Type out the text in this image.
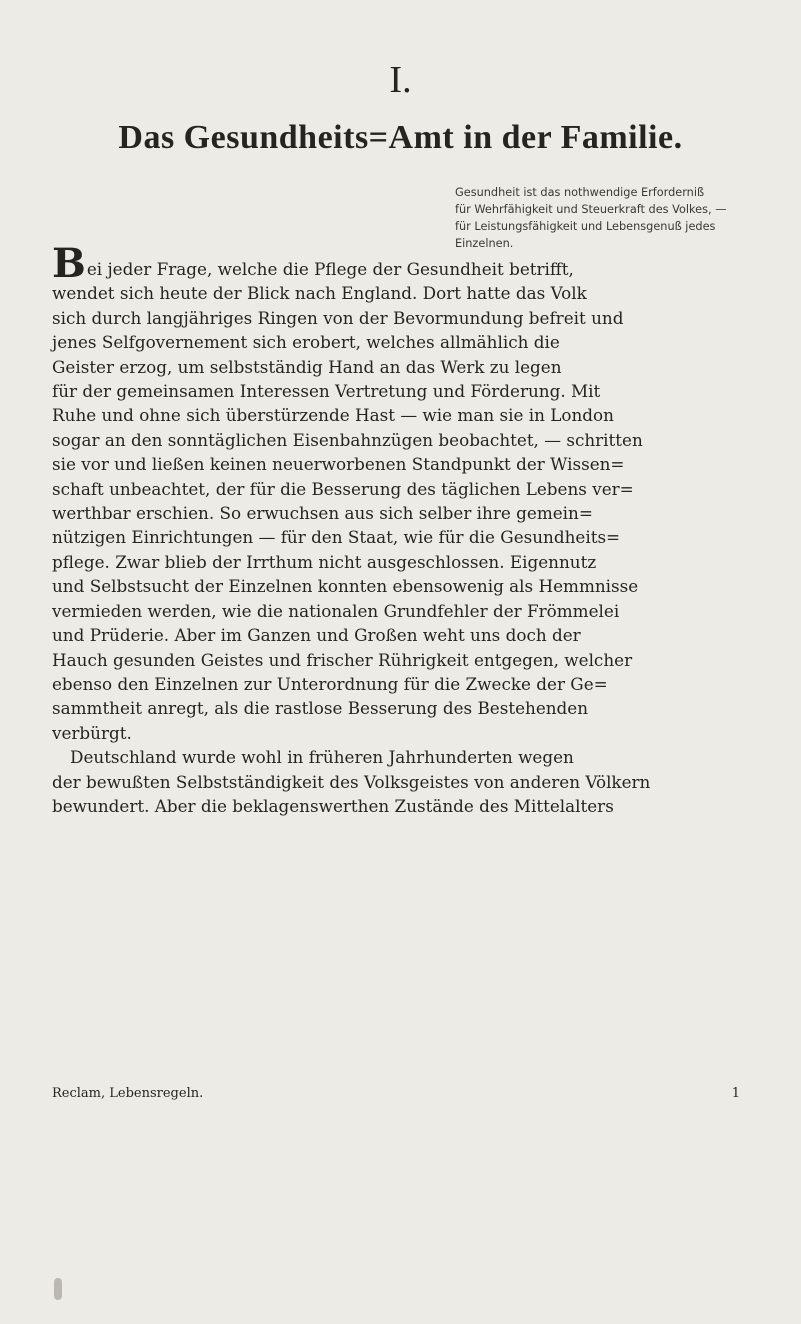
I.
Das Gesundheits=Amt in der Familie.
Gesundheit ist das nothwendige Erforderniß
für Wehrfähigkeit und Steuerkraft des Volkes, —
für Leistungsfähigkeit und Lebensgenuß jedes
Einzelnen.
Bei jeder Frage, welche die Pflege der Gesundheit betrifft,
wendet sich heute der Blick nach England. Dort hatte das Volk
sich durch langjähriges Ringen von der Bevormundung befreit und
jenes Selfgovernement sich erobert, welches allmählich die
Geister erzog, um selbstständig Hand an das Werk zu legen
für der gemeinsamen Interessen Vertretung und Förderung. Mit
Ruhe und ohne sich überstürzende Hast — wie man sie in London
sogar an den sonntäglichen Eisenbahnzügen beobachtet, — schritten
sie vor und ließen keinen neuerworbenen Standpunkt der Wissen=
schaft unbeachtet, der für die Besserung des täglichen Lebens ver=
werthbar erschien. So erwuchsen aus sich selber ihre gemein=
nützigen Einrichtungen — für den Staat, wie für die Gesundheits=
pflege. Zwar blieb der Irrthum nicht ausgeschlossen. Eigennutz
und Selbstsucht der Einzelnen konnten ebensowenig als Hemmnisse
vermieden werden, wie die nationalen Grundfehler der Frömmelei
und Prüderie. Aber im Ganzen und Großen weht uns doch der
Hauch gesunden Geistes und frischer Rührigkeit entgegen, welcher
ebenso den Einzelnen zur Unterordnung für die Zwecke der Ge=
sammtheit anregt, als die rastlose Besserung des Bestehenden
verbürgt.
Deutschland wurde wohl in früheren Jahrhunderten wegen
der bewußten Selbstständigkeit des Volksgeistes von anderen Völkern
bewundert. Aber die beklagenswerthen Zustände des Mittelalters
Reclam, Lebensregeln.	1
